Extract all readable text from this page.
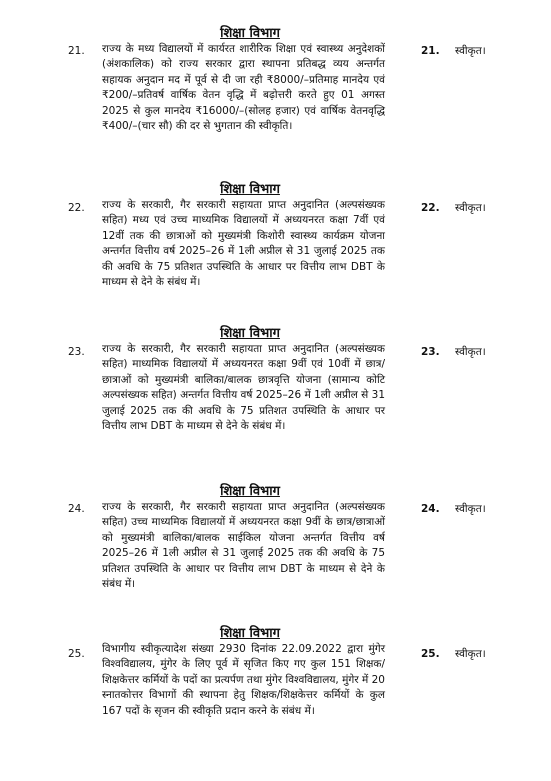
शिक्षा विभाग
21. राज्य के मध्य विद्यालयों में कार्यरत शारीरिक शिक्षा एवं स्वास्थ्य अनुदेशकों (अंशकालिक) को राज्य सरकार द्वारा स्थापना प्रतिबद्ध व्यय अन्तर्गत सहायक अनुदान मद में पूर्व से दी जा रही ₹8000/–प्रतिमाह मानदेय एवं ₹200/–प्रतिवर्ष वार्षिक वेतन वृद्धि में बढ़ोत्तरी करते हुए 01 अगस्त 2025 से कुल मानदेय ₹16000/–(सोलह हजार) एवं वार्षिक वेतनवृद्धि ₹400/–(चार सौ) की दर से भुगतान की स्वीकृति।
21. स्वीकृत।
शिक्षा विभाग
22. राज्य के सरकारी, गैर सरकारी सहायता प्राप्त अनुदानित (अल्पसंख्यक सहित) मध्य एवं उच्च माध्यमिक विद्यालयों में अध्ययनरत कक्षा 7वीं एवं 12वीं तक की छात्राओं को मुख्यमंत्री किशोरी स्वास्थ्य कार्यक्रम योजना अन्तर्गत वित्तीय वर्ष 2025–26 में 1ली अप्रील से 31 जुलाई 2025 तक की अवधि के 75 प्रतिशत उपस्थिति के आधार पर वित्तीय लाभ DBT के माध्यम से देने के संबंध में।
22. स्वीकृत।
शिक्षा विभाग
23. राज्य के सरकारी, गैर सरकारी सहायता प्राप्त अनुदानित (अल्पसंख्यक सहित) माध्यमिक विद्यालयों में अध्ययनरत कक्षा 9वीं एवं 10वीं में छात्र/छात्राओं को मुख्यमंत्री बालिका/बालक छात्रवृत्ति योजना (सामान्य कोटि अल्पसंख्यक सहित) अन्तर्गत वित्तीय वर्ष 2025–26 में 1ली अप्रील से 31 जुलाई 2025 तक की अवधि के 75 प्रतिशत उपस्थिति के आधार पर वित्तीय लाभ DBT के माध्यम से देने के संबंध में।
23. स्वीकृत।
शिक्षा विभाग
24. राज्य के सरकारी, गैर सरकारी सहायता प्राप्त अनुदानित (अल्पसंख्यक सहित) उच्च माध्यमिक विद्यालयों में अध्ययनरत कक्षा 9वीं के छात्र/छात्राओं को मुख्यमंत्री बालिका/बालक साईकिल योजना अन्तर्गत वित्तीय वर्ष 2025–26 में 1ली अप्रील से 31 जुलाई 2025 तक की अवधि के 75 प्रतिशत उपस्थिति के आधार पर वित्तीय लाभ DBT के माध्यम से देने के संबंध में।
24. स्वीकृत।
शिक्षा विभाग
25. विभागीय स्वीकृत्यादेश संख्या 2930 दिनांक 22.09.2022 द्वारा मुंगेर विश्वविद्यालय, मुंगेर के लिए पूर्व में सृजित किए गए कुल 151 शिक्षक/शिक्षकेत्तर कर्मियों के पदों का प्रत्यर्पण तथा मुंगेर विश्वविद्यालय, मुंगेर में 20 स्नातकोत्तर विभागों की स्थापना हेतु शिक्षक/शिक्षकेत्तर कर्मियों के कुल 167 पदों के सृजन की स्वीकृति प्रदान करने के संबंध में।
25. स्वीकृत।
